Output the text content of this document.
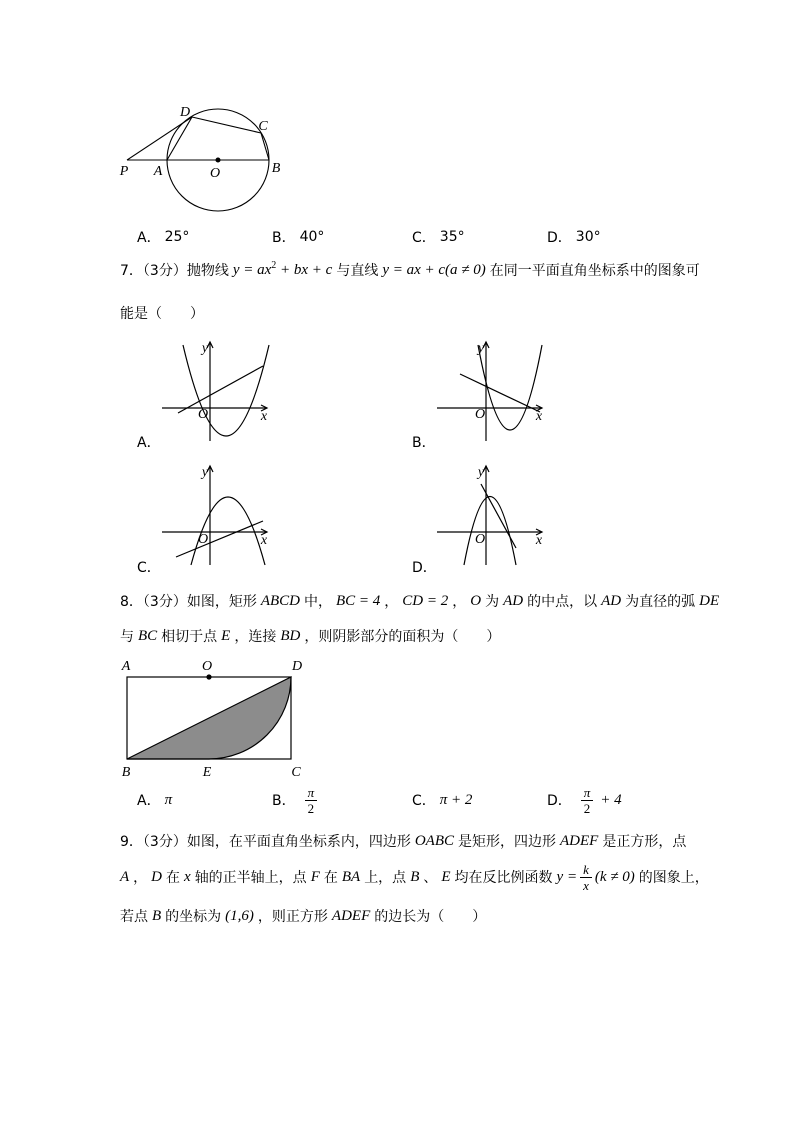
D
C
P A	O	B
y
O	x
y
O	x
y
O	x
y
O	x
A	O	D
B	E	C
A． 25°	B． 40°	C． 35°	D． 30°
7．（3分）抛物线 $y = ax^2$ + bx + c 与直线 y = ax + c(a ≠ 0) 在同一平面直角坐标系中的图象可
能是（　　）
A．	B．
C．	D．
8．（3分）如图，矩形 ABCD 中， BC = 4 ， CD = 2 ， O 为 AD 的中点，以 AD 为直径的弧 DE
与 BC 相切于点 E ，连接 BD ，则阴影部分的面积为（　　）
A． π	B． $\frac{\pi}{2}$	C． π + 2	D． $\frac{\pi}{2} + 4$
9．（3分）如图，在平面直角坐标系内，四边形 OABC 是矩形，四边形 ADEF 是正方形，点
A ， D 在 x 轴的正半轴上，点 F 在 BA 上，点 B 、 E 均在反比例函数 $y = \frac{k}{x} (k \ne 0)$ 的图象上，
若点 B 的坐标为 (1,6) ，则正方形 ADEF 的边长为（　　）
